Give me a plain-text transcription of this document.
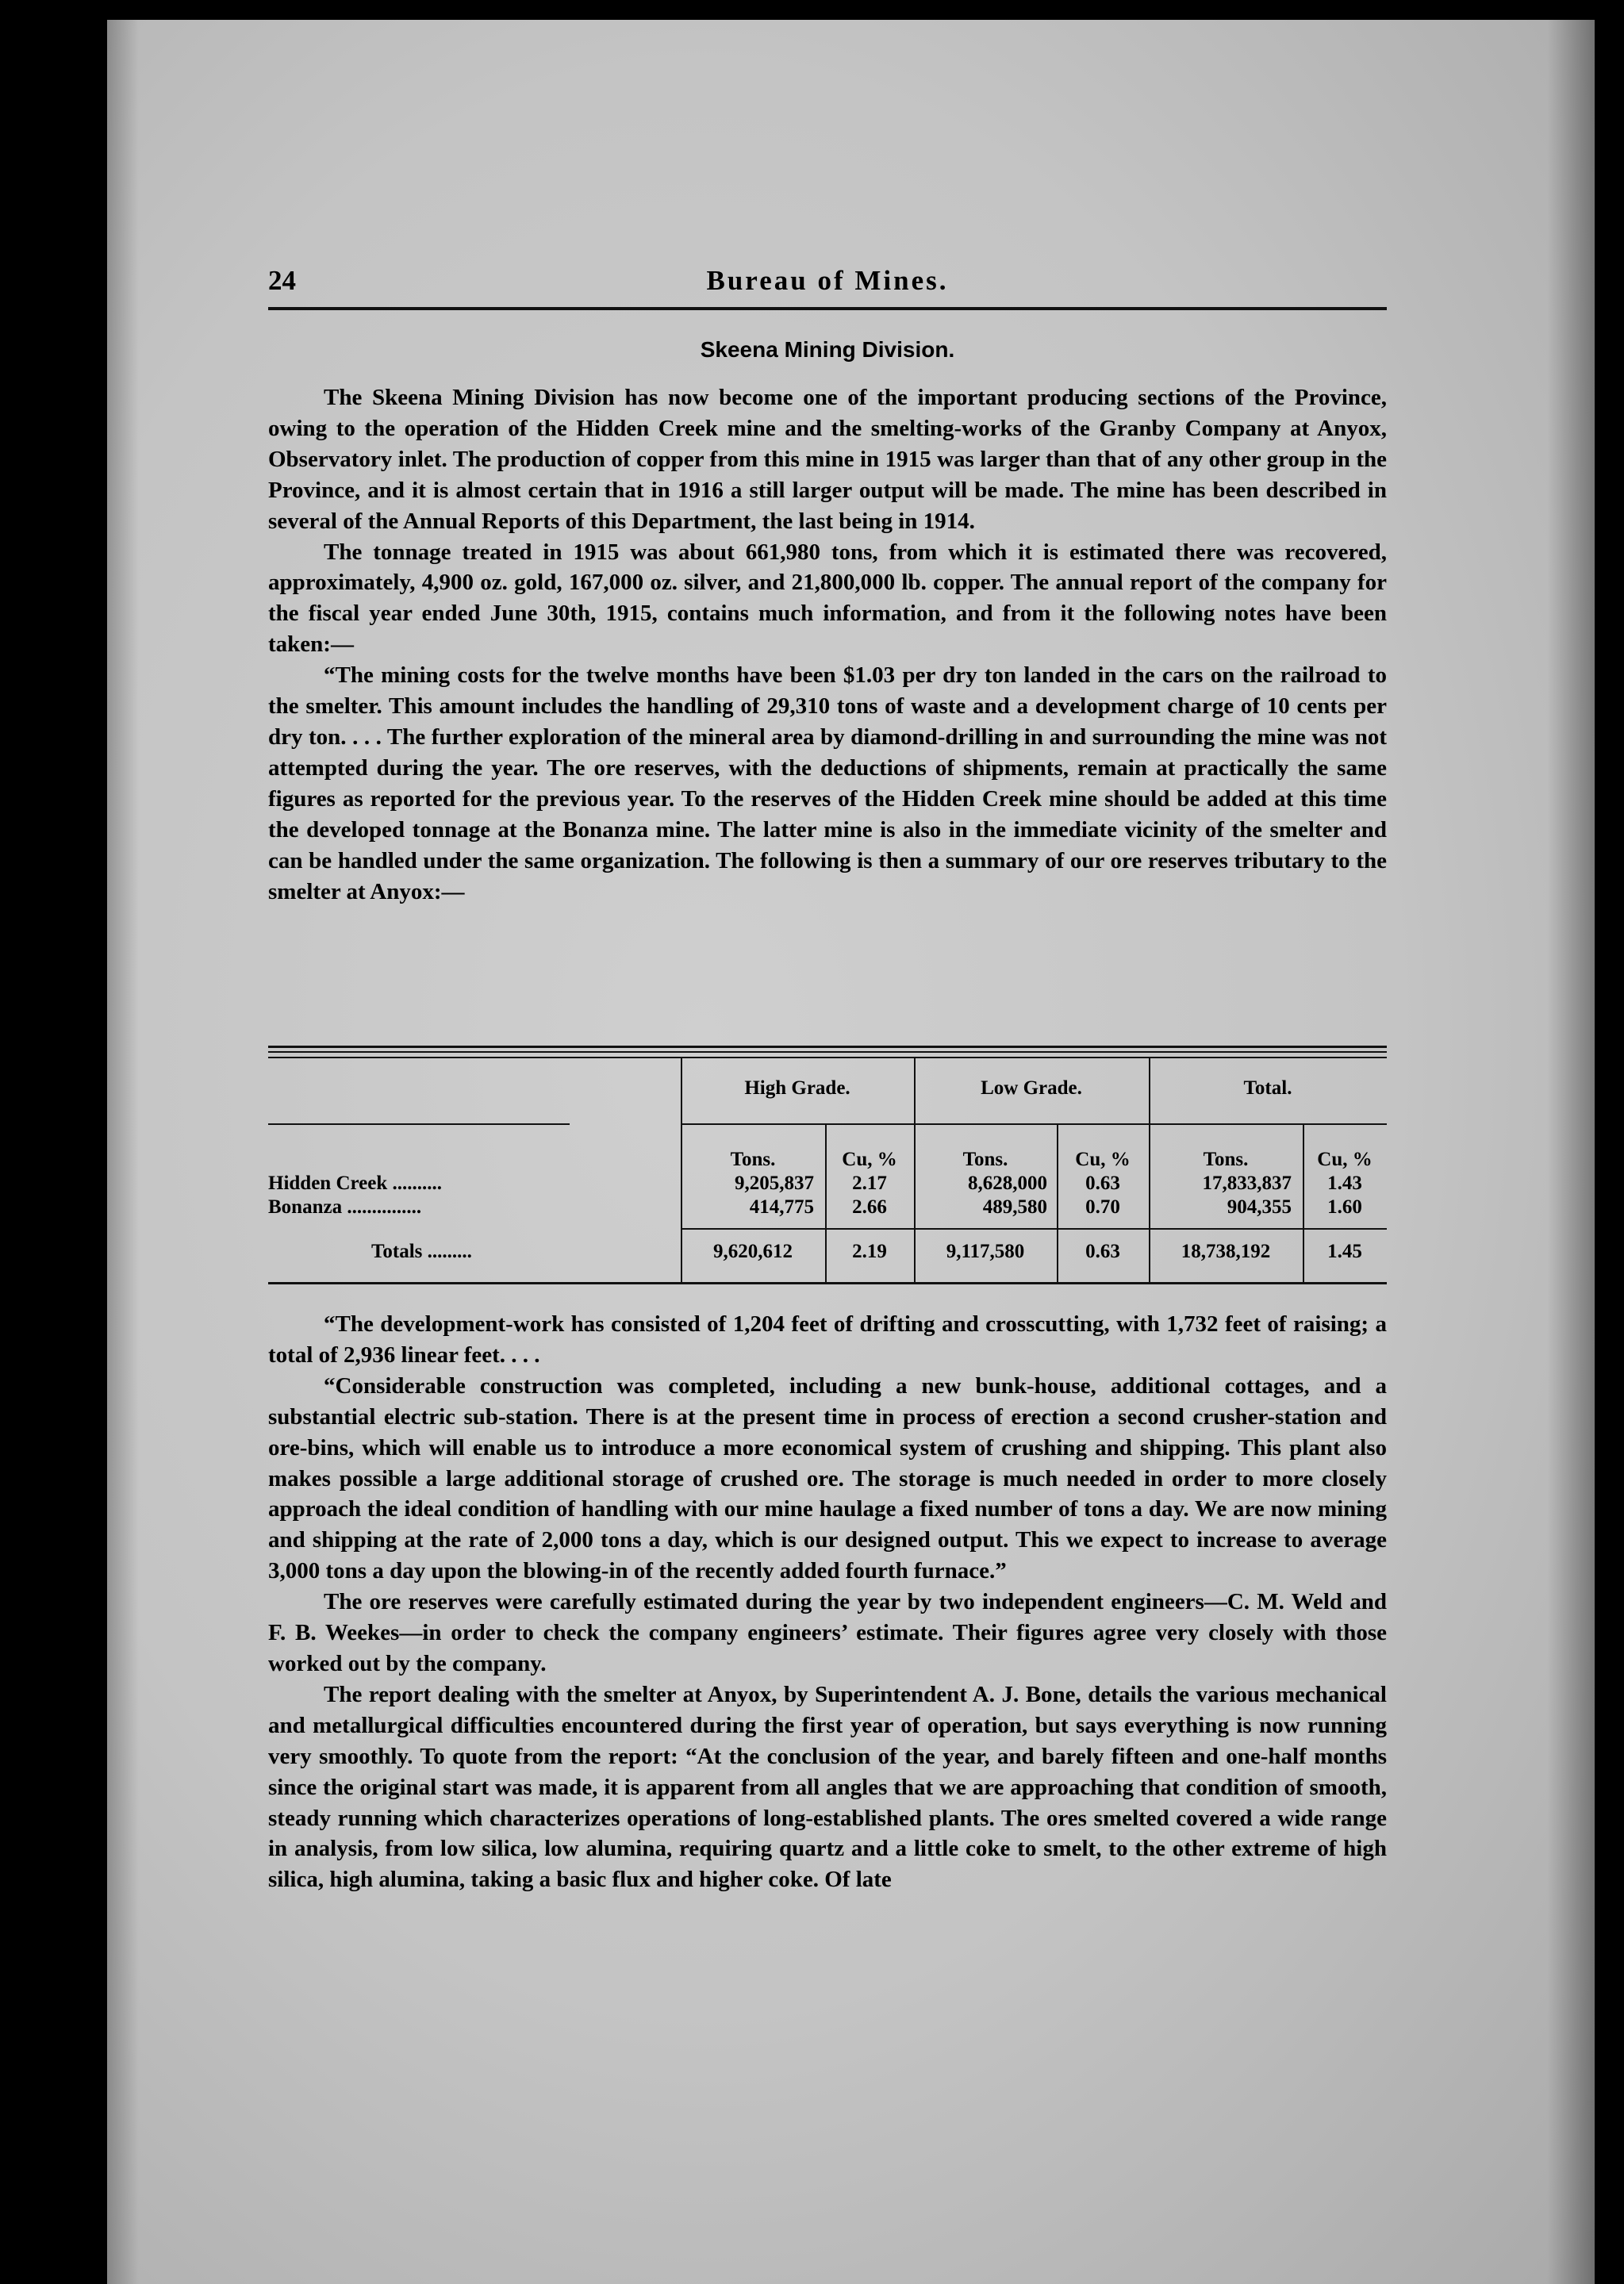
24	Bureau of Mines.
Skeena Mining Division.

The Skeena Mining Division has now become one of the important producing sections of the Province, owing to the operation of the Hidden Creek mine and the smelting-works of the Granby Company at Anyox, Observatory inlet. The production of copper from this mine in 1915 was larger than that of any other group in the Province, and it is almost certain that in 1916 a still larger output will be made. The mine has been described in several of the Annual Reports of this Department, the last being in 1914.

The tonnage treated in 1915 was about 661,980 tons, from which it is estimated there was recovered, approximately, 4,900 oz. gold, 167,000 oz. silver, and 21,800,000 lb. copper. The annual report of the company for the fiscal year ended June 30th, 1915, contains much information, and from it the following notes have been taken:—

“The mining costs for the twelve months have been $1.03 per dry ton landed in the cars on the railroad to the smelter. This amount includes the handling of 29,310 tons of waste and a development charge of 10 cents per dry ton. . . . The further exploration of the mineral area by diamond-drilling in and surrounding the mine was not attempted during the year. The ore reserves, with the deductions of shipments, remain at practically the same figures as reported for the previous year. To the reserves of the Hidden Creek mine should be added at this time the developed tonnage at the Bonanza mine. The latter mine is also in the immediate vicinity of the smelter and can be handled under the same organization. The following is then a summary of our ore reserves tributary to the smelter at Anyox:—

High Grade.	Low Grade.	Total.
Tons.	Cu, %	Tons.	Cu, %	Tons.	Cu, %
Hidden Creek ..........	9,205,837	2.17	8,628,000	0.63	17,833,837	1.43
Bonanza ...............	414,775	2.66	489,580	0.70	904,355	1.60
Totals .........	9,620,612	2.19	9,117,580	0.63	18,738,192	1.45

“The development-work has consisted of 1,204 feet of drifting and crosscutting, with 1,732 feet of raising; a total of 2,936 linear feet. . . .

“Considerable construction was completed, including a new bunk-house, additional cottages, and a substantial electric sub-station. There is at the present time in process of erection a second crusher-station and ore-bins, which will enable us to introduce a more economical system of crushing and shipping. This plant also makes possible a large additional storage of crushed ore. The storage is much needed in order to more closely approach the ideal condition of handling with our mine haulage a fixed number of tons a day. We are now mining and shipping at the rate of 2,000 tons a day, which is our designed output. This we expect to increase to average 3,000 tons a day upon the blowing-in of the recently added fourth furnace.”

The ore reserves were carefully estimated during the year by two independent engineers—C. M. Weld and F. B. Weekes—in order to check the company engineers’ estimate. Their figures agree very closely with those worked out by the company.

The report dealing with the smelter at Anyox, by Superintendent A. J. Bone, details the various mechanical and metallurgical difficulties encountered during the first year of operation, but says everything is now running very smoothly. To quote from the report: “At the conclusion of the year, and barely fifteen and one-half months since the original start was made, it is apparent from all angles that we are approaching that condition of smooth, steady running which characterizes operations of long-established plants. The ores smelted covered a wide range in analysis, from low silica, low alumina, requiring quartz and a little coke to smelt, to the other extreme of high silica, high alumina, taking a basic flux and higher coke. Of late
